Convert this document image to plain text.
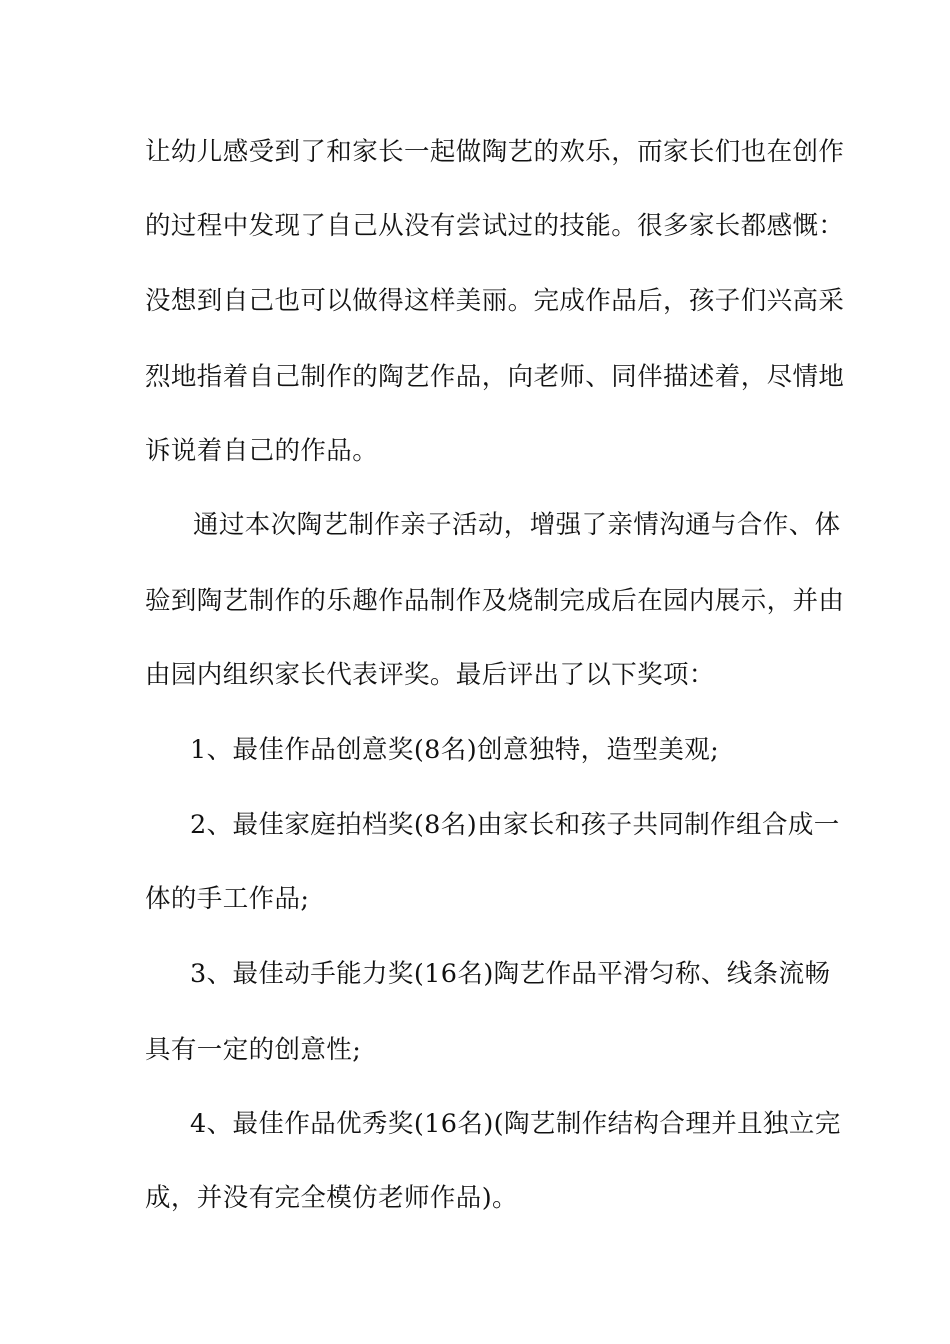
让幼儿感受到了和家长一起做陶艺的欢乐，而家长们也在创作
的过程中发现了自己从没有尝试过的技能。很多家长都感慨：
没想到自己也可以做得这样美丽。完成作品后，孩子们兴高采
烈地指着自己制作的陶艺作品，向老师、同伴描述着，尽情地
诉说着自己的作品。
通过本次陶艺制作亲子活动，增强了亲情沟通与合作、体
验到陶艺制作的乐趣作品制作及烧制完成后在园内展示，并由
由园内组织家长代表评奖。最后评出了以下奖项：
1、最佳作品创意奖(8名)创意独特，造型美观;
2、最佳家庭拍档奖(8名)由家长和孩子共同制作组合成一
体的手工作品;
3、最佳动手能力奖(16名)陶艺作品平滑匀称、线条流畅
具有一定的创意性;
4、最佳作品优秀奖(16名)(陶艺制作结构合理并且独立完
成，并没有完全模仿老师作品)。
